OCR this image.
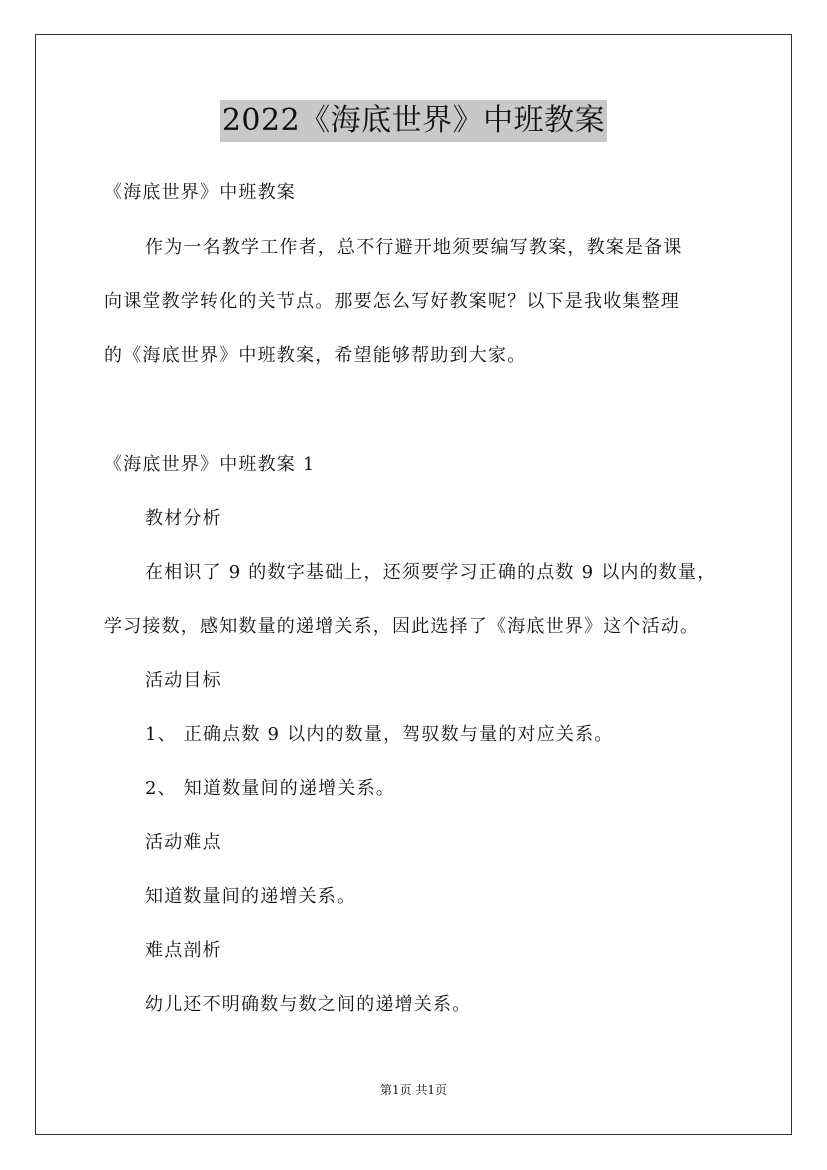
2022《海底世界》中班教案
《海底世界》中班教案
作为一名教学工作者，总不行避开地须要编写教案，教案是备课
向课堂教学转化的关节点。那要怎么写好教案呢？以下是我收集整理
的《海底世界》中班教案，希望能够帮助到大家。
《海底世界》中班教案 1
教材分析
在相识了 9 的数字基础上，还须要学习正确的点数 9 以内的数量，
学习接数，感知数量的递增关系，因此选择了《海底世界》这个活动。
活动目标
1、 正确点数 9 以内的数量，驾驭数与量的对应关系。
2、 知道数量间的递增关系。
活动难点
知道数量间的递增关系。
难点剖析
幼儿还不明确数与数之间的递增关系。
第1页 共1页
